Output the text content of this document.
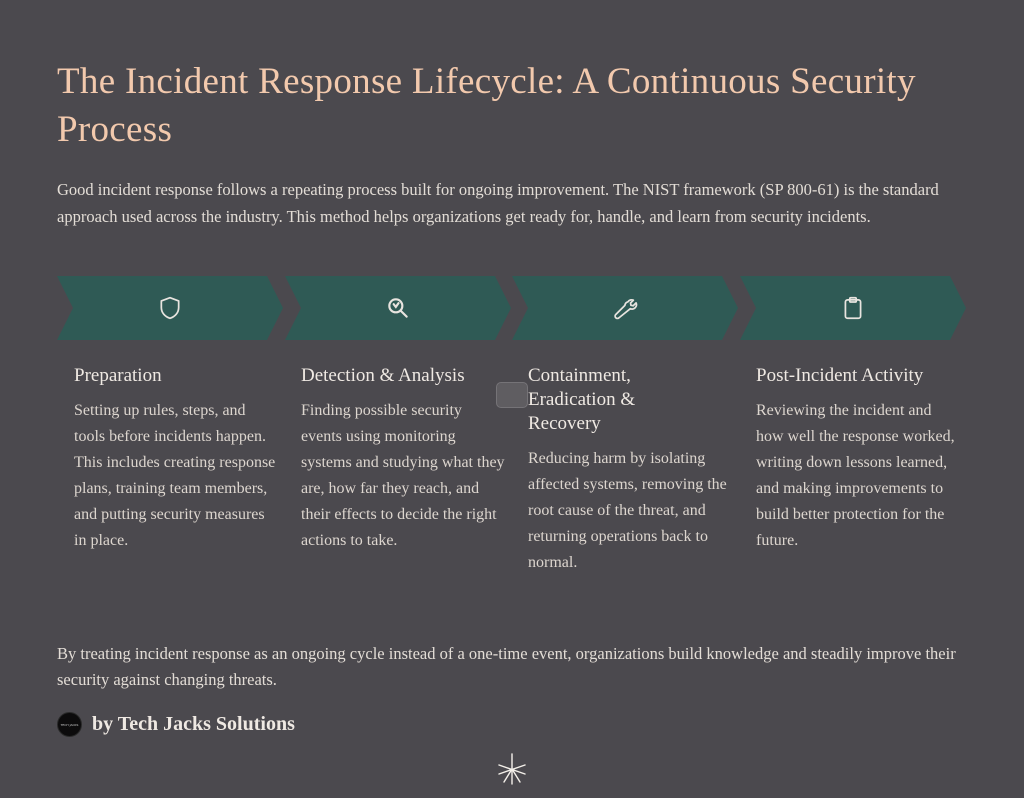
The Incident Response Lifecycle: A Continuous Security Process

Good incident response follows a repeating process built for ongoing improvement. The NIST framework (SP 800-61) is the standard approach used across the industry. This method helps organizations get ready for, handle, and learn from security incidents.

Preparation
Setting up rules, steps, and tools before incidents happen. This includes creating response plans, training team members, and putting security measures in place.
Detection & Analysis
Finding possible security events using monitoring systems and studying what they are, how far they reach, and their effects to decide the right actions to take.
Containment, Eradication & Recovery
Reducing harm by isolating affected systems, removing the root cause of the threat, and returning operations back to normal.
Post-Incident Activity
Reviewing the incident and how well the response worked, writing down lessons learned, and making improvements to build better protection for the future.

By treating incident response as an ongoing cycle instead of a one-time event, organizations build knowledge and steadily improve their security against changing threats.

TECH JACKS by Tech Jacks Solutions
